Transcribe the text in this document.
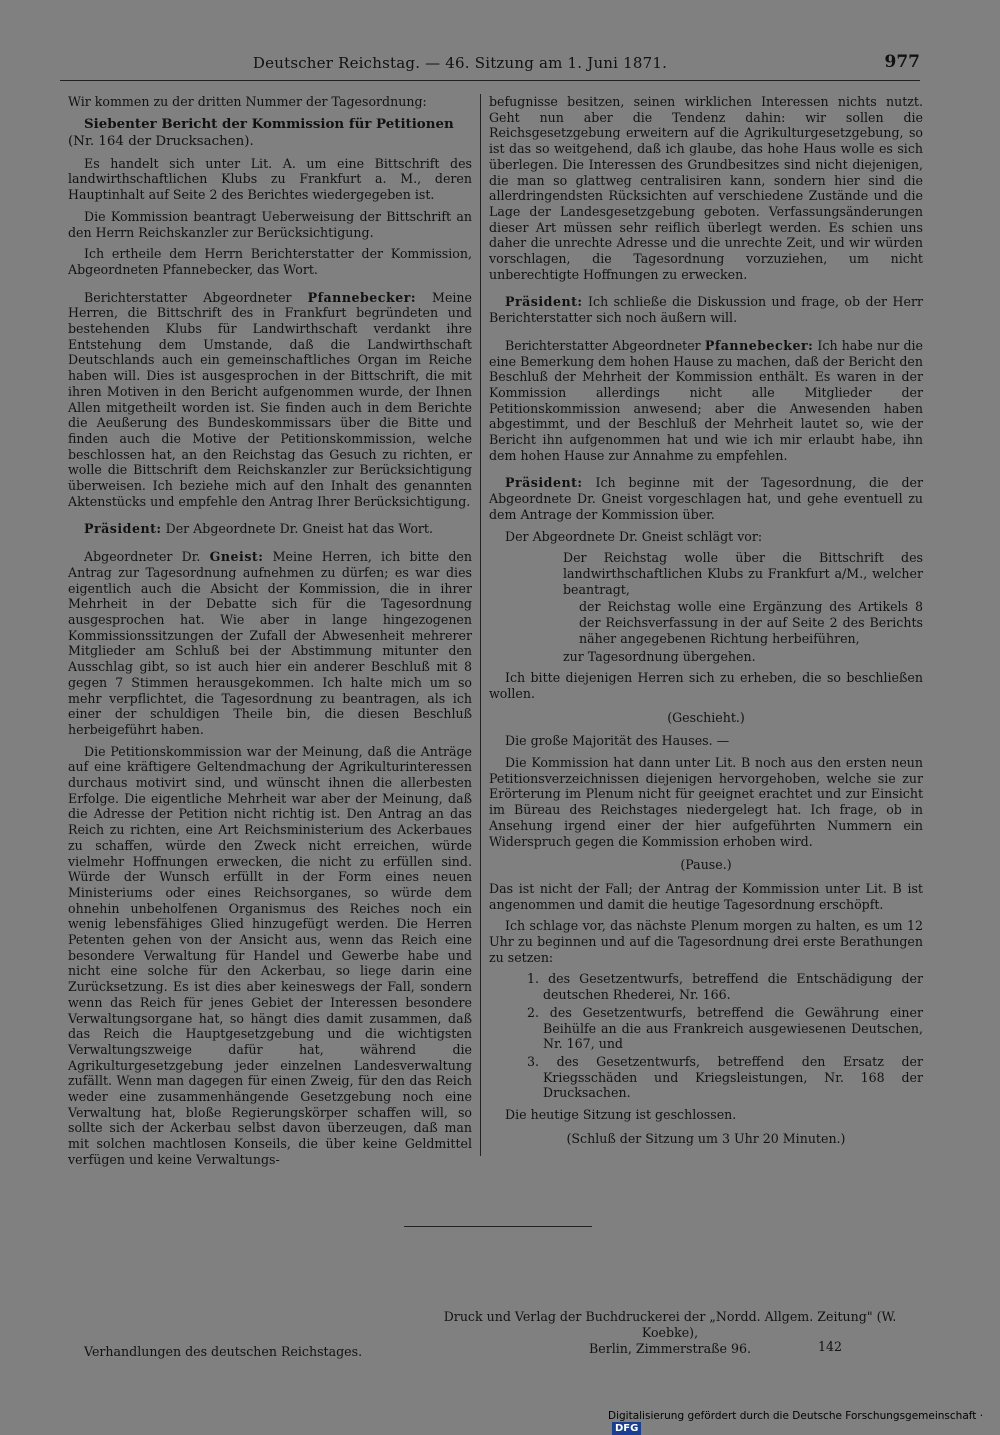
Deutscher Reichstag. — 46. Sitzung am 1. Juni 1871.	977

Wir kommen zu der dritten Nummer der Tagesordnung:

Siebenter Bericht der Kommission für Petitionen (Nr. 164 der Drucksachen).

Es handelt sich unter Lit. A. um eine Bittschrift des landwirthschaftlichen Klubs zu Frankfurt a. M., deren Hauptinhalt auf Seite 2 des Berichtes wiedergegeben ist.

Die Kommission beantragt Ueberweisung der Bittschrift an den Herrn Reichskanzler zur Berücksichtigung.

Ich ertheile dem Herrn Berichterstatter der Kommission, Abgeordneten Pfannebecker, das Wort.

Berichterstatter Abgeordneter Pfannebecker: Meine Herren, die Bittschrift des in Frankfurt begründeten und bestehenden Klubs für Landwirthschaft verdankt ihre Entstehung dem Umstande, daß die Landwirthschaft Deutschlands auch ein gemeinschaftliches Organ im Reiche haben will. Dies ist ausgesprochen in der Bittschrift, die mit ihren Motiven in den Bericht aufgenommen wurde, der Ihnen Allen mitgetheilt worden ist. Sie finden auch in dem Berichte die Aeußerung des Bundeskommissars über die Bitte und finden auch die Motive der Petitionskommission, welche beschlossen hat, an den Reichstag das Gesuch zu richten, er wolle die Bittschrift dem Reichskanzler zur Berücksichtigung überweisen. Ich beziehe mich auf den Inhalt des genannten Aktenstücks und empfehle den Antrag Ihrer Berücksichtigung.

Präsident: Der Abgeordnete Dr. Gneist hat das Wort.

Abgeordneter Dr. Gneist: Meine Herren, ich bitte den Antrag zur Tagesordnung aufnehmen zu dürfen; es war dies eigentlich auch die Absicht der Kommission, die in ihrer Mehrheit in der Debatte sich für die Tagesordnung ausgesprochen hat. Wie aber in lange hingezogenen Kommissionssitzungen der Zufall der Abwesenheit mehrerer Mitglieder am Schluß bei der Abstimmung mitunter den Ausschlag gibt, so ist auch hier ein anderer Beschluß mit 8 gegen 7 Stimmen herausgekommen. Ich halte mich um so mehr verpflichtet, die Tagesordnung zu beantragen, als ich einer der schuldigen Theile bin, die diesen Beschluß herbeigeführt haben.

Die Petitionskommission war der Meinung, daß die Anträge auf eine kräftigere Geltendmachung der Agrikulturinteressen durchaus motivirt sind, und wünscht ihnen die allerbesten Erfolge. Die eigentliche Mehrheit war aber der Meinung, daß die Adresse der Petition nicht richtig ist. Den Antrag an das Reich zu richten, eine Art Reichsministerium des Ackerbaues zu schaffen, würde den Zweck nicht erreichen, würde vielmehr Hoffnungen erwecken, die nicht zu erfüllen sind. Würde der Wunsch erfüllt in der Form eines neuen Ministeriums oder eines Reichsorganes, so würde dem ohnehin unbeholfenen Organismus des Reiches noch ein wenig lebensfähiges Glied hinzugefügt werden. Die Herren Petenten gehen von der Ansicht aus, wenn das Reich eine besondere Verwaltung für Handel und Gewerbe habe und nicht eine solche für den Ackerbau, so liege darin eine Zurücksetzung. Es ist dies aber keineswegs der Fall, sondern wenn das Reich für jenes Gebiet der Interessen besondere Verwaltungsorgane hat, so hängt dies damit zusammen, daß das Reich die Hauptgesetzgebung und die wichtigsten Verwaltungszweige dafür hat, während die Agrikulturgesetzgebung jeder einzelnen Landesverwaltung zufällt. Wenn man dagegen für einen Zweig, für den das Reich weder eine zusammenhängende Gesetzgebung noch eine Verwaltung hat, bloße Regierungskörper schaffen will, so sollte sich der Ackerbau selbst davon überzeugen, daß man mit solchen machtlosen Konseils, die über keine Geldmittel verfügen und keine Verwaltungs-

befugnisse besitzen, seinen wirklichen Interessen nichts nutzt. Geht nun aber die Tendenz dahin: wir sollen die Reichsgesetzgebung erweitern auf die Agrikulturgesetzgebung, so ist das so weitgehend, daß ich glaube, das hohe Haus wolle es sich überlegen. Die Interessen des Grundbesitzes sind nicht diejenigen, die man so glattweg centralisiren kann, sondern hier sind die allerdringendsten Rücksichten auf verschiedene Zustände und die Lage der Landesgesetzgebung geboten. Verfassungsänderungen dieser Art müssen sehr reiflich überlegt werden. Es schien uns daher die unrechte Adresse und die unrechte Zeit, und wir würden vorschlagen, die Tagesordnung vorzuziehen, um nicht unberechtigte Hoffnungen zu erwecken.

Präsident: Ich schließe die Diskussion und frage, ob der Herr Berichterstatter sich noch äußern will.

Berichterstatter Abgeordneter Pfannebecker: Ich habe nur die eine Bemerkung dem hohen Hause zu machen, daß der Bericht den Beschluß der Mehrheit der Kommission enthält. Es waren in der Kommission allerdings nicht alle Mitglieder der Petitionskommission anwesend; aber die Anwesenden haben abgestimmt, und der Beschluß der Mehrheit lautet so, wie der Bericht ihn aufgenommen hat und wie ich mir erlaubt habe, ihn dem hohen Hause zur Annahme zu empfehlen.

Präsident: Ich beginne mit der Tagesordnung, die der Abgeordnete Dr. Gneist vorgeschlagen hat, und gehe eventuell zu dem Antrage der Kommission über.

Der Abgeordnete Dr. Gneist schlägt vor:

Der Reichstag wolle über die Bittschrift des landwirthschaftlichen Klubs zu Frankfurt a/M., welcher beantragt,

der Reichstag wolle eine Ergänzung des Artikels 8 der Reichsverfassung in der auf Seite 2 des Berichts näher angegebenen Richtung herbeiführen,

zur Tagesordnung übergehen.

Ich bitte diejenigen Herren sich zu erheben, die so beschließen wollen.

(Geschieht.)

Die große Majorität des Hauses. —

Die Kommission hat dann unter Lit. B noch aus den ersten neun Petitionsverzeichnissen diejenigen hervorgehoben, welche sie zur Erörterung im Plenum nicht für geeignet erachtet und zur Einsicht im Büreau des Reichstages niedergelegt hat. Ich frage, ob in Ansehung irgend einer der hier aufgeführten Nummern ein Widerspruch gegen die Kommission erhoben wird.

(Pause.)

Das ist nicht der Fall; der Antrag der Kommission unter Lit. B ist angenommen und damit die heutige Tagesordnung erschöpft.

Ich schlage vor, das nächste Plenum morgen zu halten, es um 12 Uhr zu beginnen und auf die Tagesordnung drei erste Berathungen zu setzen:

1. des Gesetzentwurfs, betreffend die Entschädigung der deutschen Rhederei, Nr. 166.
2. des Gesetzentwurfs, betreffend die Gewährung einer Beihülfe an die aus Frankreich ausgewiesenen Deutschen, Nr. 167, und
3. des Gesetzentwurfs, betreffend den Ersatz der Kriegsschäden und Kriegsleistungen, Nr. 168 der Drucksachen.

Die heutige Sitzung ist geschlossen.

(Schluß der Sitzung um 3 Uhr 20 Minuten.)

Druck und Verlag der Buchdruckerei der „Nordd. Allgem. Zeitung" (W. Koebke),
Berlin, Zimmerstraße 96.
Verhandlungen des deutschen Reichstages.	142
Digitalisierung gefördert durch die Deutsche Forschungsgemeinschaft ·DFG
